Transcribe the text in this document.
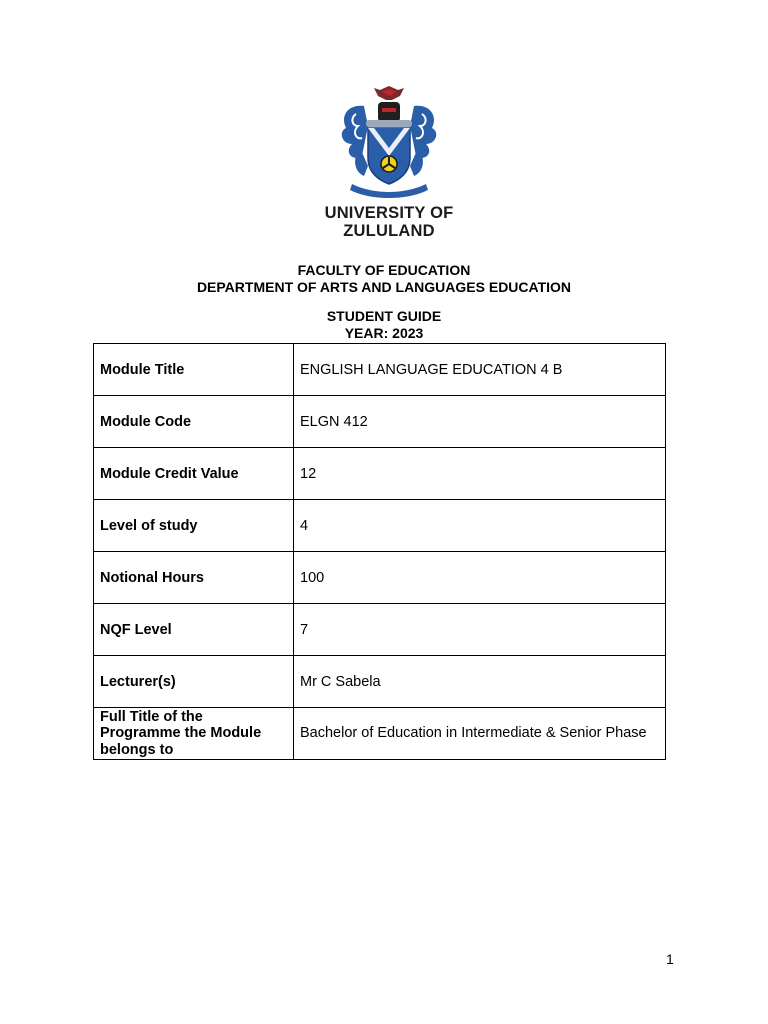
UNIVERSITY OF
ZULULAND
FACULTY OF EDUCATION
DEPARTMENT OF ARTS AND LANGUAGES EDUCATION
STUDENT GUIDE
YEAR: 2023
Module Title	ENGLISH LANGUAGE EDUCATION 4 B
Module Code	ELGN 412
Module Credit Value	12
Level of study	4
Notional Hours	100
NQF Level	7
Lecturer(s)	Mr C Sabela
Full Title of the Programme the Module belongs to	Bachelor of Education in Intermediate & Senior Phase
1
